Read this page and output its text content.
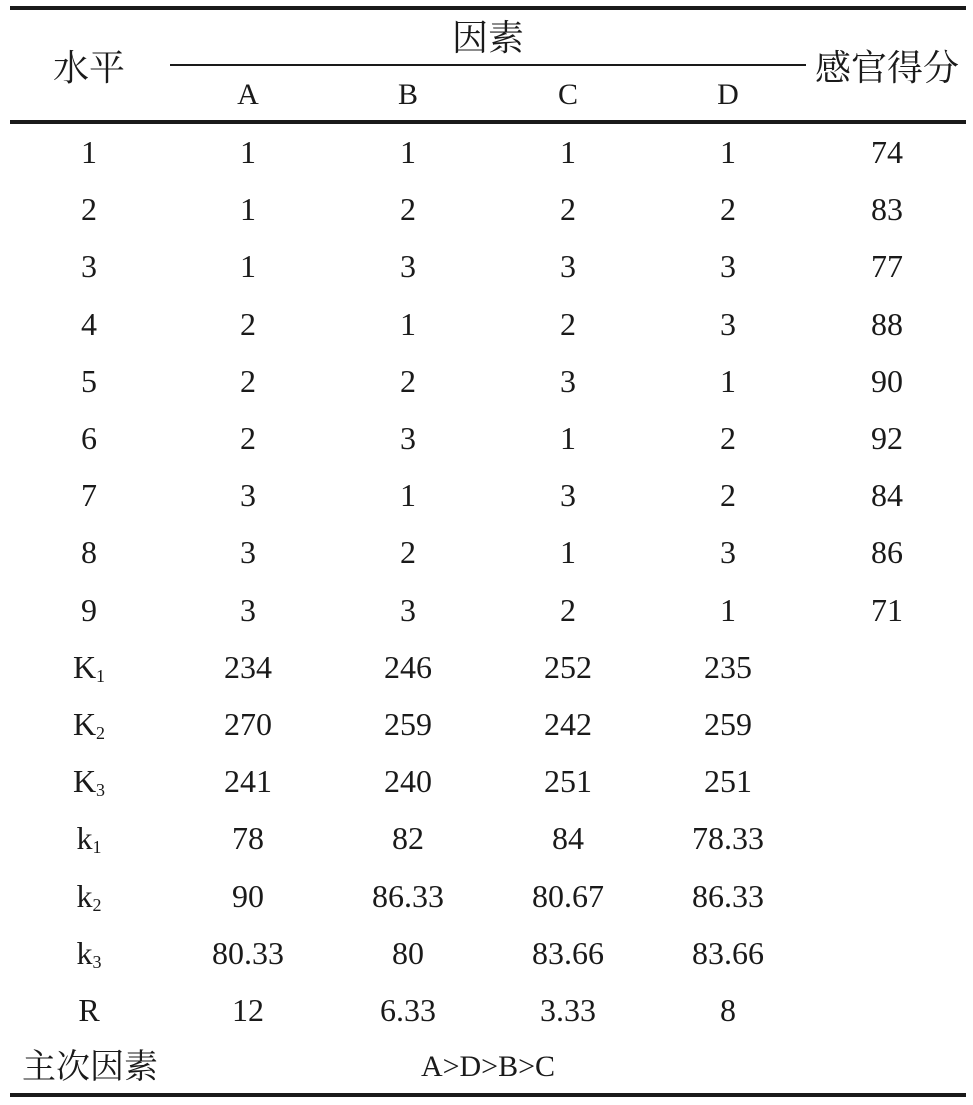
水平
因素
感官得分
A	B	C	D
1	1	1	1	1	74
2	1	2	2	2	83
3	1	3	3	3	77
4	2	1	2	3	88
5	2	2	3	1	90
6	2	3	1	2	92
7	3	1	3	2	84
8	3	2	1	3	86
9	3	3	2	1	71
$K_1$	234	246	252	235
$K_2$	270	259	242	259
$K_3$	241	240	251	251
$k_1$	78	82	84	78.33
$k_2$	90	86.33	80.67	86.33
$k_3$	80.33	80	83.66	83.66
R	12	6.33	3.33	8
主次因素	A>D>B>C
